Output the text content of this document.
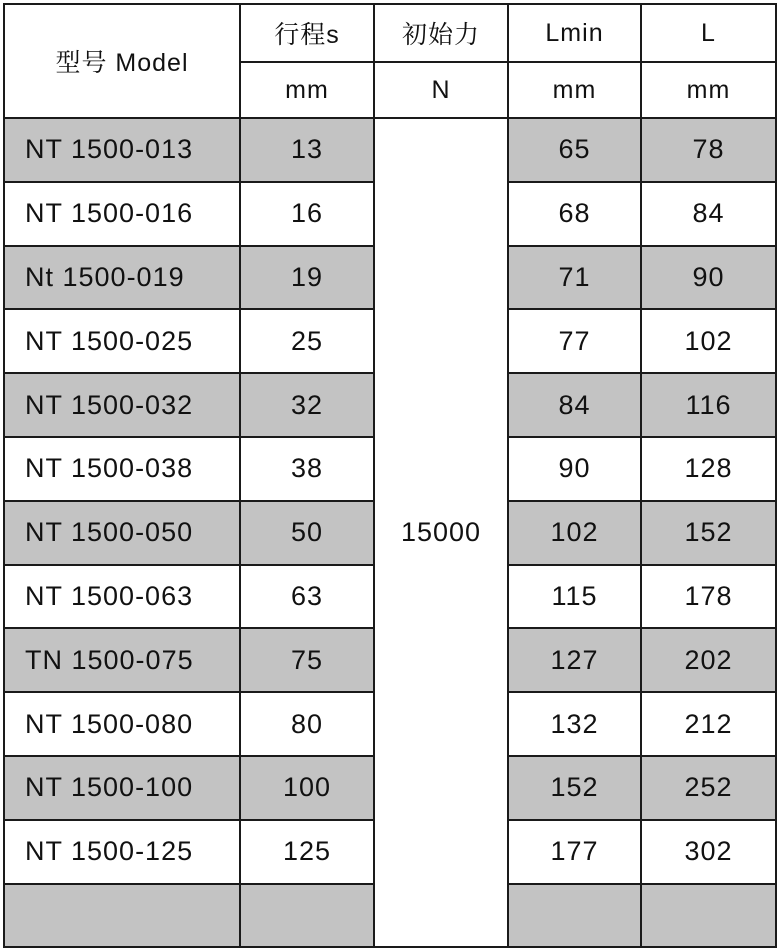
型号 Model	行程s	初始力	Lmin	L
	mm	N	mm	mm
NT 1500-013	13	15000	65	78
NT 1500-016	16		68	84
Nt 1500-019	19		71	90
NT 1500-025	25		77	102
NT 1500-032	32		84	116
NT 1500-038	38		90	128
NT 1500-050	50		102	152
NT 1500-063	63		115	178
TN 1500-075	75		127	202
NT 1500-080	80		132	212
NT 1500-100	100		152	252
NT 1500-125	125		177	302
